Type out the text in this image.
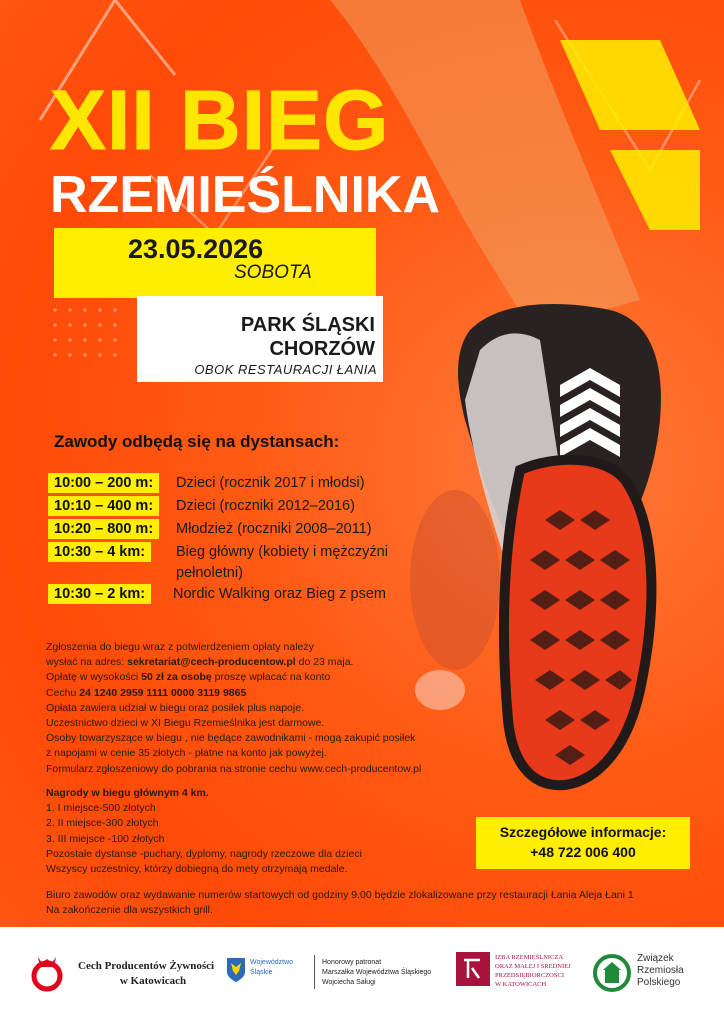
XII BIEG
RZEMIEŚLNIKA
23.05.2026
SOBOTA
PARK ŚLĄSKI
CHORZÓW
OBOK RESTAURACJI ŁANIA
Zawody odbędą się na dystansach:
10:00 – 200 m:	Dzieci (rocznik 2017 i młodsi)
10:10 – 400 m:	Dzieci (roczniki 2012–2016)
10:20 – 800 m:	Młodzież (roczniki 2008–2011)
10:30 – 4 km:	Bieg główny (kobiety i mężczyźni
pełnoletni)
10:30 – 2 km:	Nordic Walking oraz Bieg z psem
Zgłoszenia do biegu wraz z potwierdzeniem opłaty należy
wysłać na adres: sekretariat@cech-producentow.pl do 23 maja.
Opłatę w wysokości 50 zł za osobę proszę wpłacać na konto
Cechu 24 1240 2959 1111 0000 3119 9865
Opłata zawiera udział w biegu oraz posiłek plus napoje.
Uczestnictwo dzieci w XI Biegu Rzemieślnika jest darmowe.
Osoby towarzyszące w biegu , nie będące zawodnikami - mogą zakupić posiłek
z napojami w cenie 35 złotych - płatne na konto jak powyżej.
Formularz zgłoszeniowy do pobrania na stronie cechu www.cech-producentow.pl
Nagrody w biegu głównym 4 km.
1. I miejsce-500 złotych
2. II miejsce-300 złotych
3. III miejsce -100 złotych
Pozostałe dystanse -puchary, dyplomy, nagrody rzeczowe dla dzieci
Wszyscy uczestnicy, którzy dobiegną do mety otrzymają medale.
Szczegółowe informacje:
+48 722 006 400
Biuro zawodów oraz wydawanie numerów startowych od godziny 9.00 będzie zlokalizowane przy restauracji Łania Aleja Łani 1
Na zakończenie dla wszystkich grill.
Cech Producentów Żywności
w Katowicach
Województwo
Śląskie
Honorowy patronat
Marszałka Województwa Śląskiego
Wojciecha Saługi
IZBA RZEMIEŚLNICZA
ORAZ MAŁEJ I ŚREDNIEJ
PRZEDSIĘBIORCZOŚCI
W KATOWICACH
Związek
Rzemiosła
Polskiego
